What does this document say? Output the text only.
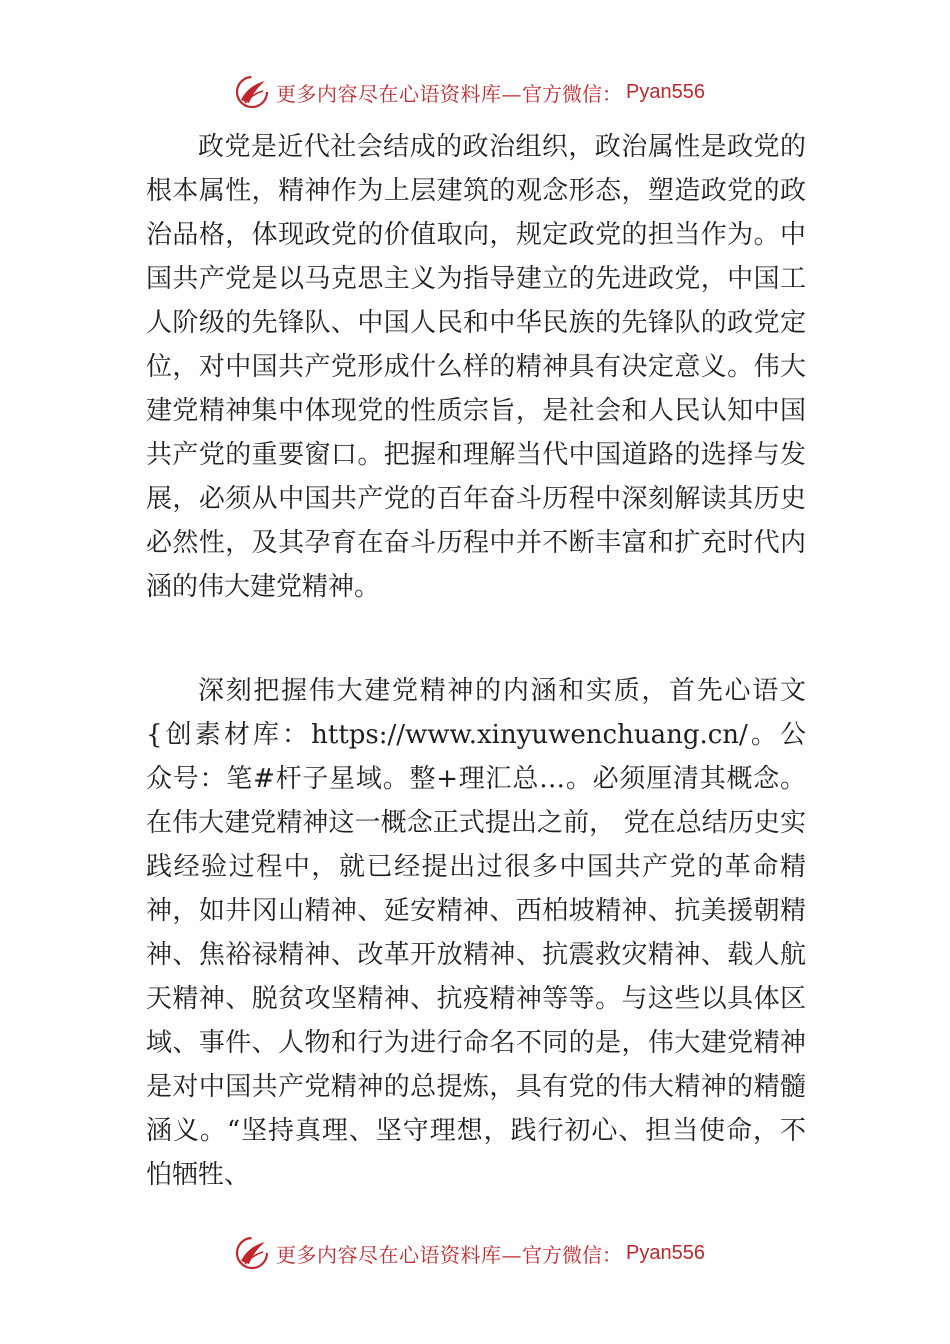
更多内容尽在心语资料库— 官方微信： Pyan556

政党是近代社会结成的政治组织，政治属性是政党的根本属性，精神作为上层建筑的观念形态，塑造政党的政治品格，体现政党的价值取向，规定政党的担当作为。中国共产党是以马克思主义为指导建立的先进政党，中国工人阶级的先锋队、中国人民和中华民族的先锋队的政党定位，对中国共产党形成什么样的精神具有决定意义。伟大建党精神集中体现党的性质宗旨，是社会和人民认知中国共产党的重要窗口。把握和理解当代中国道路的选择与发展，必须从中国共产党的百年奋斗历程中深刻解读其历史必然性，及其孕育在奋斗历程中并不断丰富和扩充时代内涵的伟大建党精神。

深刻把握伟大建党精神的内涵和实质，首先心语文{创素材库：https://www.xinyuwenchuang.cn/。公众号：笔#杆子星域。整+理汇总…。必须厘清其概念。在伟大建党精神这一概念正式提出之前， 党在总结历史实践经验过程中，就已经提出过很多中国共产党的革命精神，如井冈山精神、延安精神、西柏坡精神、抗美援朝精神、焦裕禄精神、改革开放精神、抗震救灾精神、载人航天精神、脱贫攻坚精神、抗疫精神等等。与这些以具体区域、事件、人物和行为进行命名不同的是，伟大建党精神是对中国共产党精神的总提炼，具有党的伟大精神的精髓涵义。“坚持真理、坚守理想，践行初心、担当使命，不怕牺牲、

更多内容尽在心语资料库— 官方微信： Pyan556
